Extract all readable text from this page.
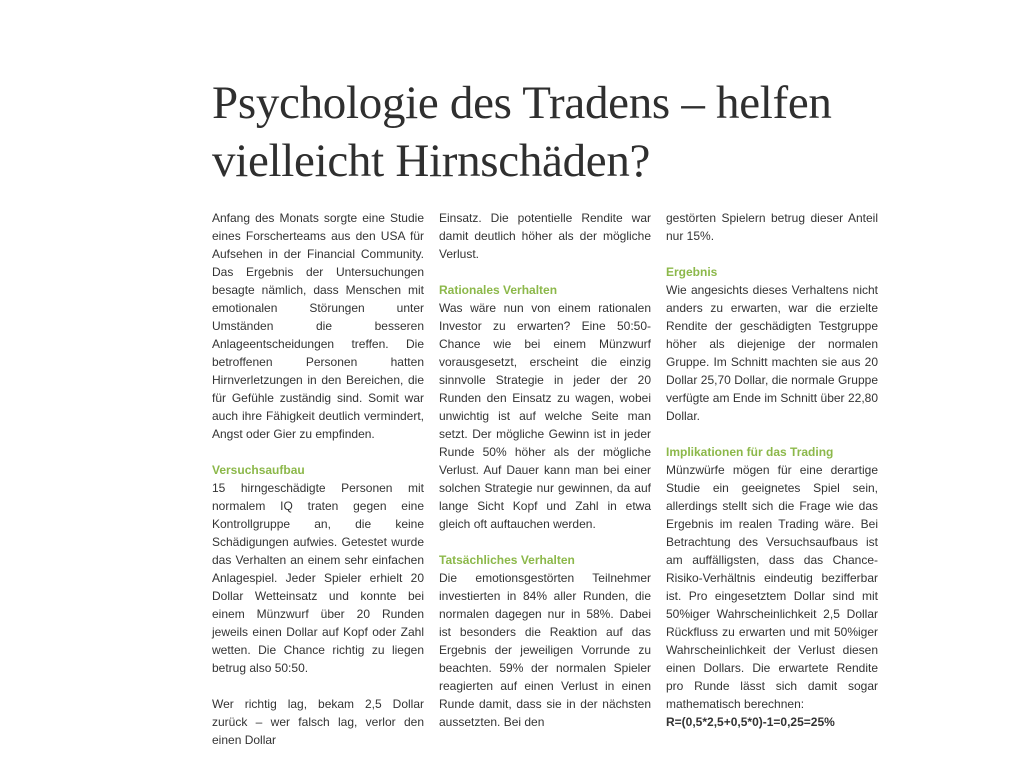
Psychologie des Tradens – helfen
vielleicht Hirnschäden?

Anfang des Monats sorgte eine Studie eines Forscherteams aus den USA für Aufsehen in der Financial Community. Das Ergebnis der Untersuchungen besagte nämlich, dass Menschen mit emotionalen Störungen unter Umständen die besseren Anlageentscheidungen treffen. Die betroffenen Personen hatten Hirnverletzungen in den Bereichen, die für Gefühle zuständig sind. Somit war auch ihre Fähigkeit deutlich vermindert, Angst oder Gier zu empfinden.

Versuchsaufbau

15 hirngeschädigte Personen mit normalem IQ traten gegen eine Kontrollgruppe an, die keine Schädigungen aufwies. Getestet wurde das Verhalten an einem sehr einfachen Anlagespiel. Jeder Spieler erhielt 20 Dollar Wetteinsatz und konnte bei einem Münzwurf über 20 Runden jeweils einen Dollar auf Kopf oder Zahl wetten. Die Chance richtig zu liegen betrug also 50:50.

Wer richtig lag, bekam 2,5 Dollar zurück – wer falsch lag, verlor den einen Dollar

Einsatz. Die potentielle Rendite war damit deutlich höher als der mögliche Verlust.

Rationales Verhalten

Was wäre nun von einem rationalen Investor zu erwarten? Eine 50:50-Chance wie bei einem Münzwurf vorausgesetzt, erscheint die einzig sinnvolle Strategie in jeder der 20 Runden den Einsatz zu wagen, wobei unwichtig ist auf welche Seite man setzt. Der mögliche Gewinn ist in jeder Runde 50% höher als der mögliche Verlust. Auf Dauer kann man bei einer solchen Strategie nur gewinnen, da auf lange Sicht Kopf und Zahl in etwa gleich oft auftauchen werden.

Tatsächliches Verhalten

Die emotionsgestörten Teilnehmer investierten in 84% aller Runden, die normalen dagegen nur in 58%. Dabei ist besonders die Reaktion auf das Ergebnis der jeweiligen Vorrunde zu beachten. 59% der normalen Spieler reagierten auf einen Verlust in einen Runde damit, dass sie in der nächsten aussetzten. Bei den

gestörten Spielern betrug dieser Anteil nur 15%.

Ergebnis

Wie angesichts dieses Verhaltens nicht anders zu erwarten, war die erzielte Rendite der geschädigten Testgruppe höher als diejenige der normalen Gruppe. Im Schnitt machten sie aus 20 Dollar 25,70 Dollar, die normale Gruppe verfügte am Ende im Schnitt über 22,80 Dollar.

Implikationen für das Trading

Münzwürfe mögen für eine derartige Studie ein geeignetes Spiel sein, allerdings stellt sich die Frage wie das Ergebnis im realen Trading wäre. Bei Betrachtung des Versuchsaufbaus ist am auffälligsten, dass das Chance-Risiko-Verhältnis eindeutig bezifferbar ist. Pro eingesetztem Dollar sind mit 50%iger Wahrscheinlichkeit 2,5 Dollar Rückfluss zu erwarten und mit 50%iger Wahrscheinlichkeit der Verlust diesen einen Dollars. Die erwartete Rendite pro Runde lässt sich damit sogar mathematisch berechnen:

R=(0,5*2,5+0,5*0)-1=0,25=25%
